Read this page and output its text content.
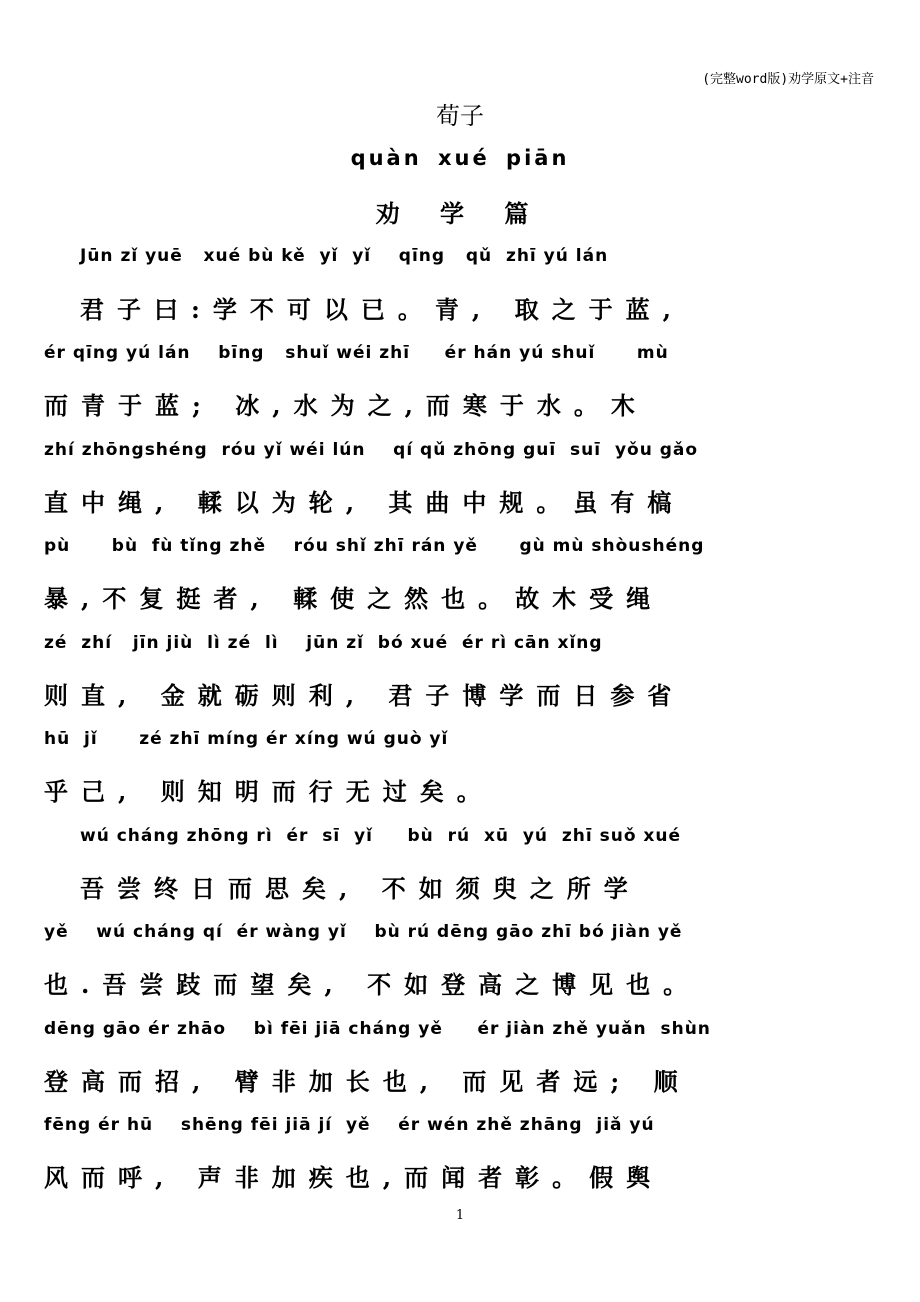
(完整word版)劝学原文+注音
荀子
quàn xué piān
劝 学 篇
Jūn zǐ yuē   xué bù kě  yǐ  yǐ    qīng   qǔ  zhī yú lán
君子曰:学不可以已。青, 取之于蓝,
ér qīng yú lán    bīng   shuǐ wéi zhī     ér hán yú shuǐ      mù
而青于蓝; 冰,水为之,而寒于水。木
zhí zhōngshéng  róu yǐ wéi lún    qí qǔ zhōng guī  suī  yǒu gǎo
直中绳, 輮以为轮, 其曲中规。虽有槁
pù      bù  fù tǐng zhě    róu shǐ zhī rán yě      gù mù shòushéng
暴,不复挺者, 輮使之然也。故木受绳
zé  zhí   jīn jiù  lì zé  lì    jūn zǐ  bó xué  ér rì cān xǐng
则直, 金就砺则利, 君子博学而日参省
hū  jǐ      zé zhī míng ér xíng wú guò yǐ
乎己, 则知明而行无过矣。
wú cháng zhōng rì  ér  sī  yǐ     bù  rú  xū  yú  zhī suǒ xué
吾尝终日而思矣, 不如须臾之所学
yě    wú cháng qí  ér wàng yǐ    bù rú dēng gāo zhī bó jiàn yě
也.吾尝跂而望矣, 不如登高之博见也。
dēng gāo ér zhāo    bì fēi jiā cháng yě     ér jiàn zhě yuǎn  shùn
登高而招, 臂非加长也, 而见者远; 顺
fēng ér hū    shēng fēi jiā jí  yě    ér wén zhě zhāng  jiǎ yú
风而呼, 声非加疾也,而闻者彰。假舆
1
